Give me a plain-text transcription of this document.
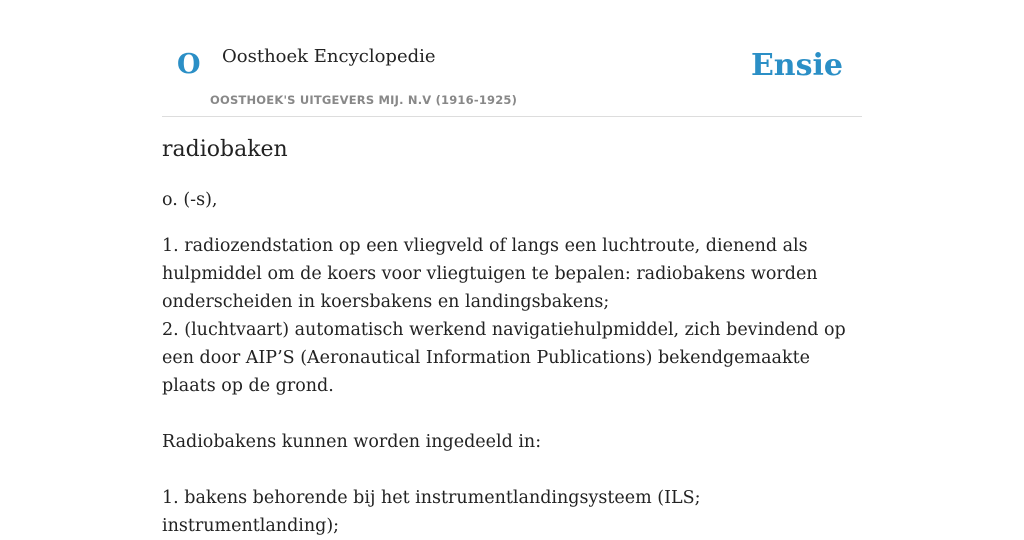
O Oosthoek Encyclopedie
OOSTHOEK'S UITGEVERS MIJ. N.V (1916-1925)
Ensie
radiobaken

o. (-s),

1. radiozendstation op een vliegveld of langs een luchtroute, dienend als hulpmiddel om de koers voor vliegtuigen te bepalen: radiobakens worden onderscheiden in koersbakens en landingsbakens;

2. (luchtvaart) automatisch werkend navigatiehulpmiddel, zich bevindend op een door AIP’S (Aeronautical Information Publications) bekendgemaakte plaats op de grond.

Radiobakens kunnen worden ingedeeld in:

1. bakens behorende bij het instrumentlandingsysteem (ILS; instrumentlanding);
